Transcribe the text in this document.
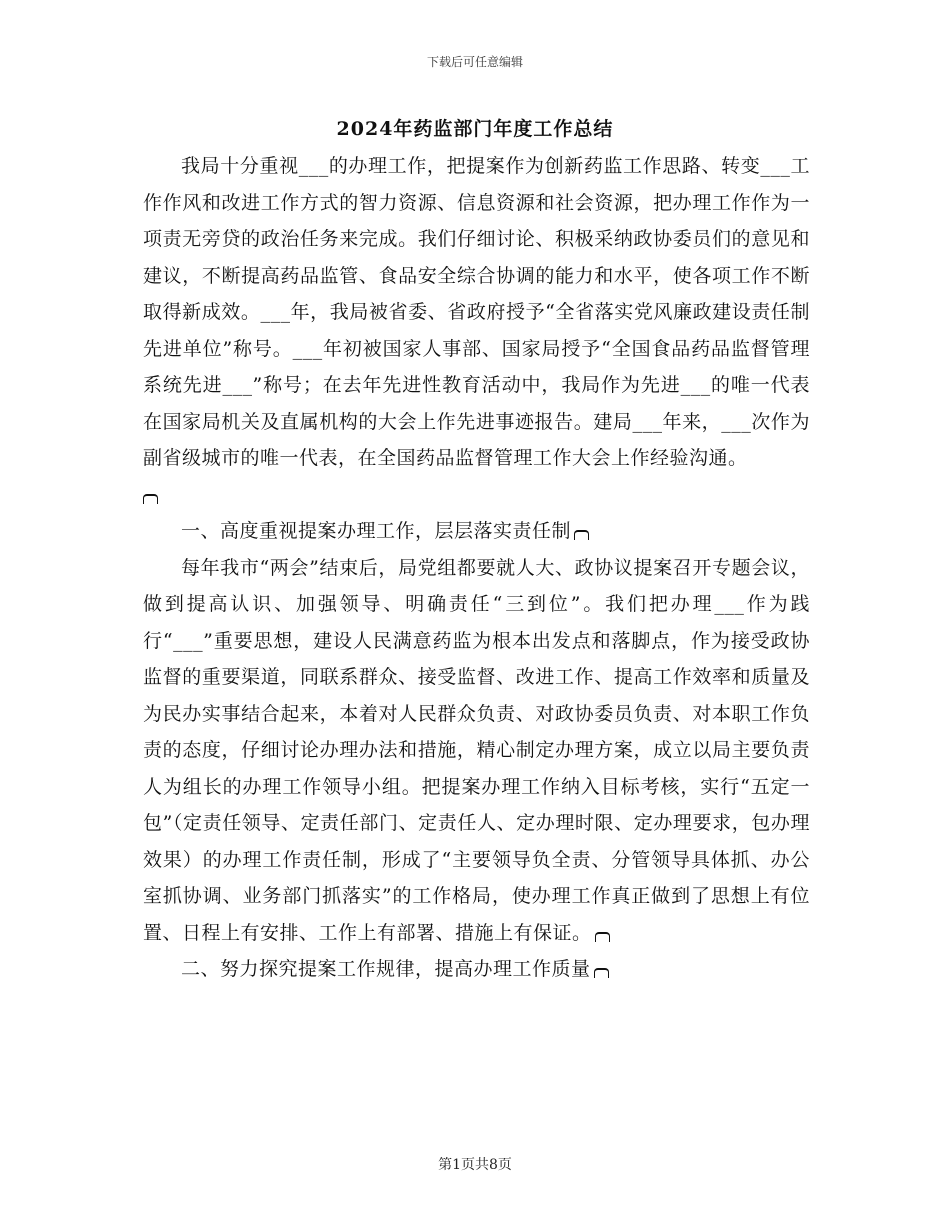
下载后可任意编辑
2024年药监部门年度工作总结

我局十分重视___的办理工作，把提案作为创新药监工作思路、转变___工作作风和改进工作方式的智力资源、信息资源和社会资源，把办理工作作为一项责无旁贷的政治任务来完成。我们仔细讨论、积极采纳政协委员们的意见和建议，不断提高药品监管、食品安全综合协调的能力和水平，使各项工作不断取得新成效。___年，我局被省委、省政府授予“全省落实党风廉政建设责任制先进单位”称号。___年初被国家人事部、国家局授予“全国食品药品监督管理系统先进___”称号；在去年先进性教育活动中，我局作为先进___的唯一代表在国家局机关及直属机构的大会上作先进事迹报告。建局___年来，___次作为副省级城市的唯一代表，在全国药品监督管理工作大会上作经验沟通。

一、高度重视提案办理工作，层层落实责任制

每年我市“两会”结束后，局党组都要就人大、政协议提案召开专题会议，做到提高认识、加强领导、明确责任“三到位”。我们把办理___作为践行“___”重要思想，建设人民满意药监为根本出发点和落脚点，作为接受政协监督的重要渠道，同联系群众、接受监督、改进工作、提高工作效率和质量及为民办实事结合起来，本着对人民群众负责、对政协委员负责、对本职工作负责的态度，仔细讨论办理办法和措施，精心制定办理方案，成立以局主要负责人为组长的办理工作领导小组。把提案办理工作纳入目标考核，实行“五定一包”（定责任领导、定责任部门、定责任人、定办理时限、定办理要求，包办理效果）的办理工作责任制，形成了“主要领导负全责、分管领导具体抓、办公室抓协调、业务部门抓落实”的工作格局，使办理工作真正做到了思想上有位置、日程上有安排、工作上有部署、措施上有保证。

二、努力探究提案工作规律，提高办理工作质量

第1页共8页
